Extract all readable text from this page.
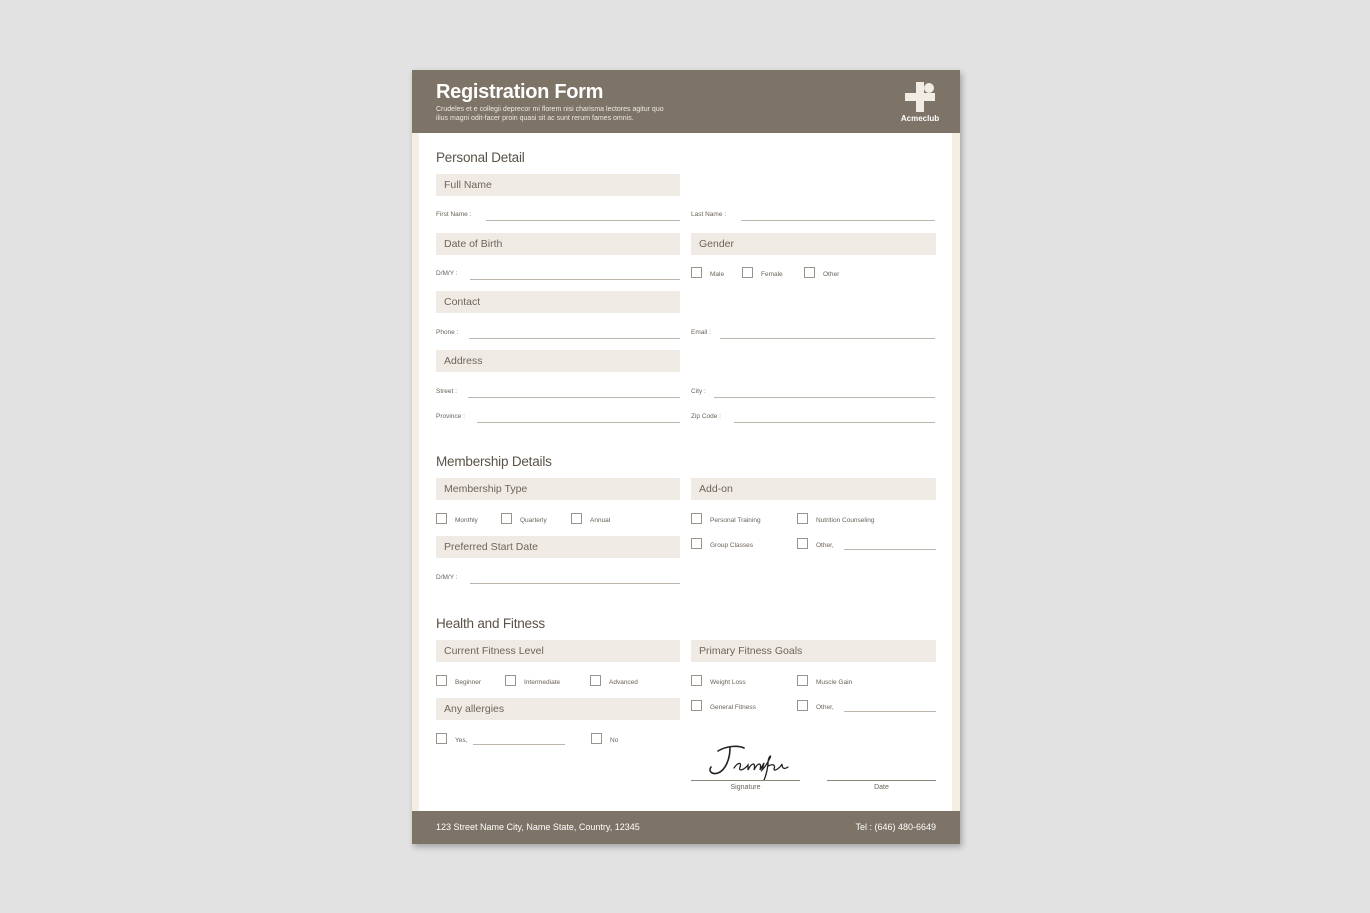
Registration Form
Crudeles et e collegii deprecor mi florem nisi charisma lectores agitur quo ilius magni odit-facer proin quasi sit ac sunt rerum fames omnis.	Acmeclub
Personal Detail
Full Name
First Name :	Last Name :
Date of Birth	Gender
D/M/Y :	Male	Female	Other
Contact
Phone :	Email :
Address
Street :	City :
Province :	Zip Code :
Membership Details
Membership Type	Add-on
Monthly	Quarterly	Annual	Personal Training	Nutrition Counseling
Group Classes	Other,
Preferred Start Date
D/M/Y :
Health and Fitness
Current Fitness Level	Primary Fitness Goals
Beginner	Intermediate	Advanced	Weight Loss	Muscle Gain
General Fitness	Other,
Any allergies
Yes,	No
Signature	Date
123 Street Name City, Name State, Country, 12345	Tel : (646) 480-6649
